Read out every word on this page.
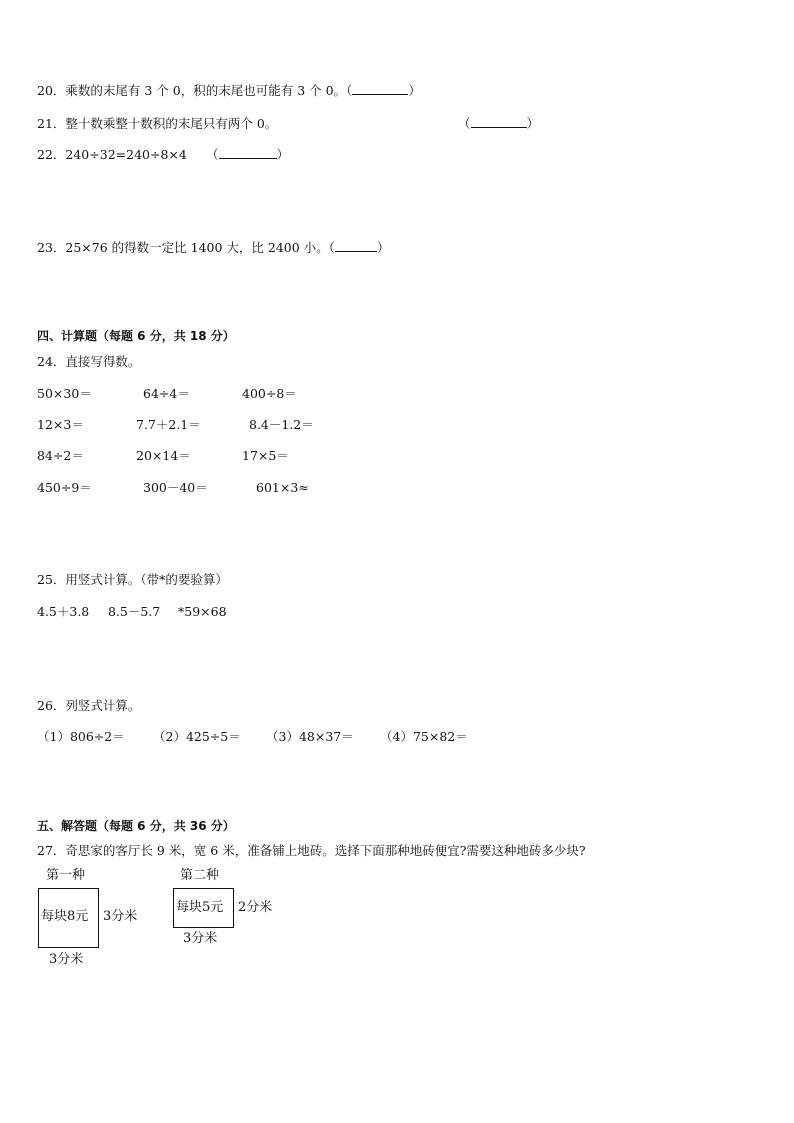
20．乘数的末尾有 3 个 0，积的末尾也可能有 3 个 0。（	）
21．整十数乘整十数积的末尾只有两个 0。	（	）
22．240÷32=240÷8×4 （	）
23．25×76 的得数一定比 1400 大，比 2400 小。（	）
四、计算题（每题 6 分，共 18 分）
24．直接写得数。
50×30＝	64÷4＝	400÷8＝
12×3＝	7.7＋2.1＝	8.4－1.2＝
84÷2＝	20×14＝	17×5＝
450÷9＝	300－40＝	601×3≈
25．用竖式计算。（带*的要验算）
4.5＋3.8 8.5－5.7 *59×68
26．列竖式计算。
（1）806÷2＝ （2）425÷5＝ （3）48×37＝ （4）75×82＝
五、解答题（每题 6 分，共 36 分）
27．奇思家的客厅长 9 米，宽 6 米，准备铺上地砖。选择下面那种地砖便宜?需要这种地砖多少块?
第一种
每块8元 3分米
3分米
第二种
每块5元 2分米
3分米
